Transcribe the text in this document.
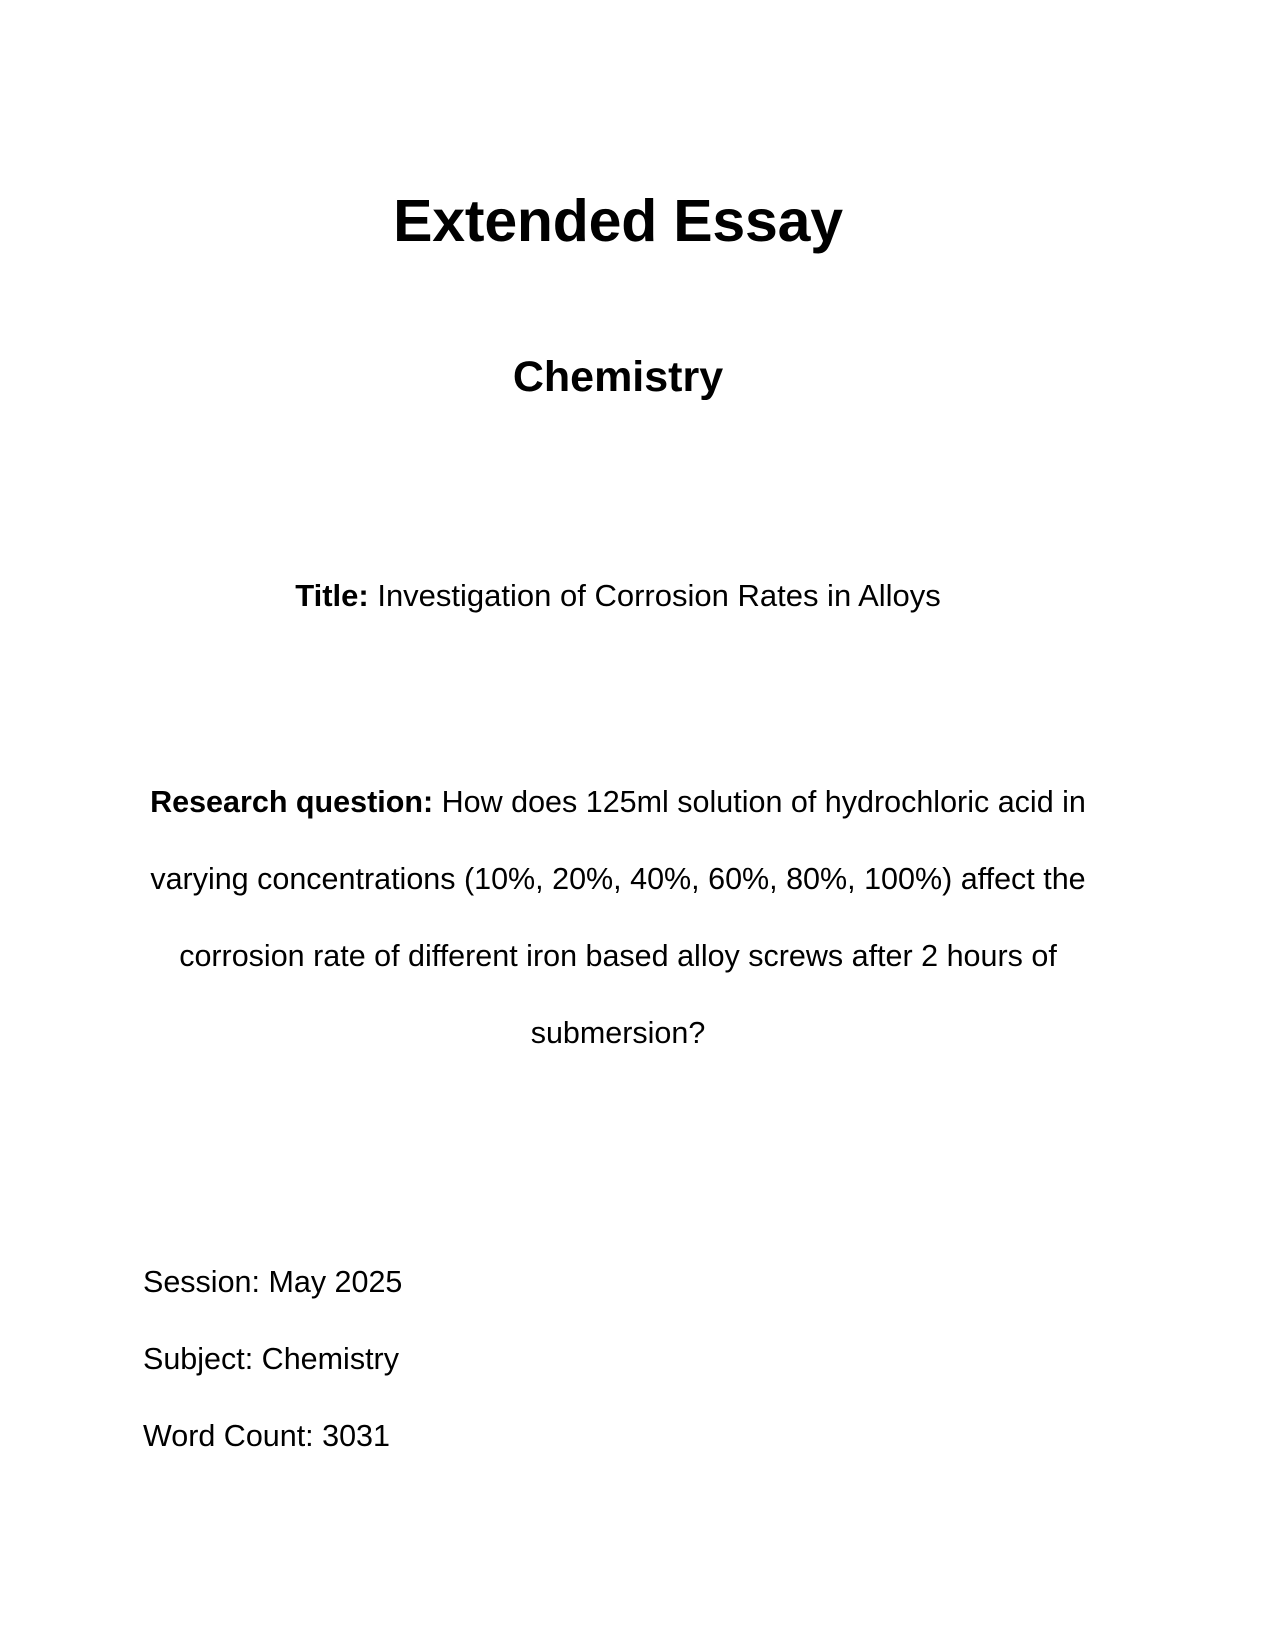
Extended Essay
Chemistry

Title: Investigation of Corrosion Rates in Alloys

Research question: How does 125ml solution of hydrochloric acid in varying concentrations (10%, 20%, 40%, 60%, 80%, 100%) affect the corrosion rate of different iron based alloy screws after 2 hours of submersion?

Session: May 2025
Subject: Chemistry
Word Count: 3031
